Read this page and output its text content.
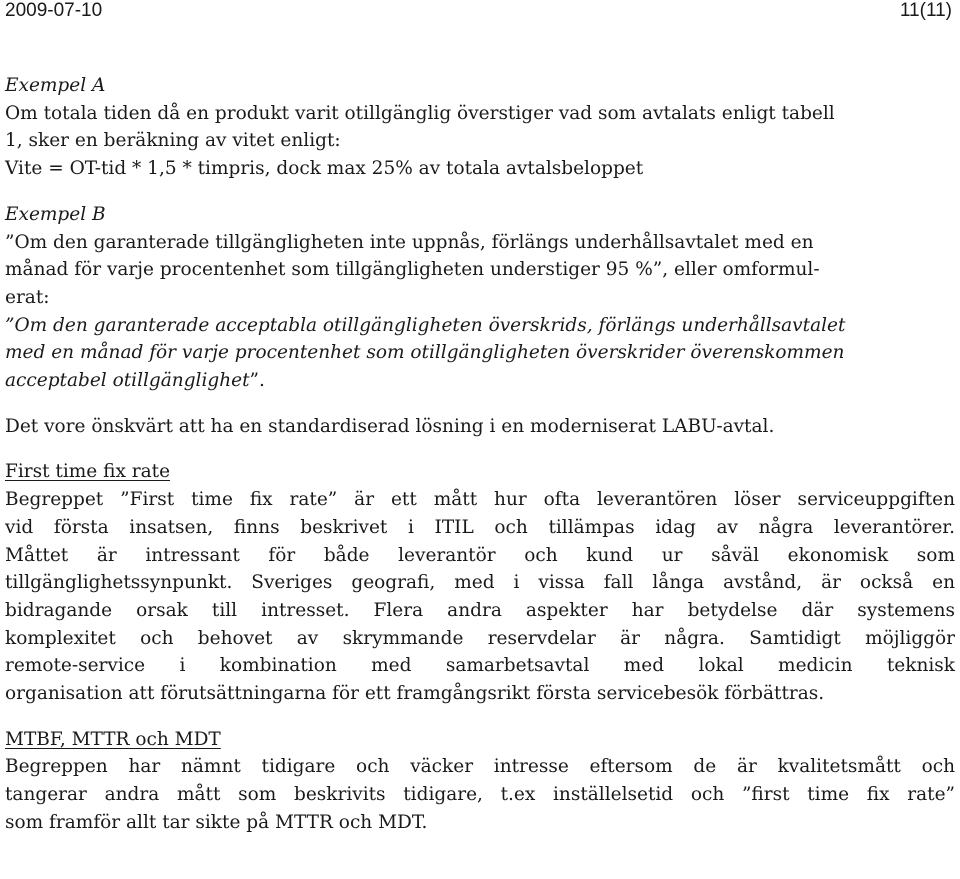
2009-07-10	11(11)

Exempel A

Om totala tiden då en produkt varit otillgänglig överstiger vad som avtalats enligt tabell

1, sker en beräkning av vitet enligt:

Vite = OT-tid * 1,5 * timpris, dock max 25% av totala avtalsbeloppet

Exempel B

”Om den garanterade tillgängligheten inte uppnås, förlängs underhållsavtalet med en

månad för varje procentenhet som tillgängligheten understiger 95 %”, eller omformul-

erat:

”Om den garanterade acceptabla otillgängligheten överskrids, förlängs underhållsavtalet

med en månad för varje procentenhet som otillgängligheten överskrider överenskommen

acceptabel otillgänglighet”.

Det vore önskvärt att ha en standardiserad lösning i en moderniserat LABU-avtal.

First time fix rate

Begreppet ”First time fix rate” är ett mått hur ofta leverantören löser serviceuppgiften

vid första insatsen, finns beskrivet i ITIL och tillämpas idag av några leverantörer.

Måttet är intressant för både leverantör och kund ur såväl ekonomisk som

tillgänglighetssynpunkt. Sveriges geografi, med i vissa fall långa avstånd, är också en

bidragande orsak till intresset. Flera andra aspekter har betydelse där systemens

komplexitet och behovet av skrymmande reservdelar är några. Samtidigt möjliggör

remote-service i kombination med samarbetsavtal med lokal medicin teknisk

organisation att förutsättningarna för ett framgångsrikt första servicebesök förbättras.

MTBF, MTTR och MDT

Begreppen har nämnt tidigare och väcker intresse eftersom de är kvalitetsmått och

tangerar andra mått som beskrivits tidigare, t.ex inställelsetid och ”first time fix rate”

som framför allt tar sikte på MTTR och MDT.
